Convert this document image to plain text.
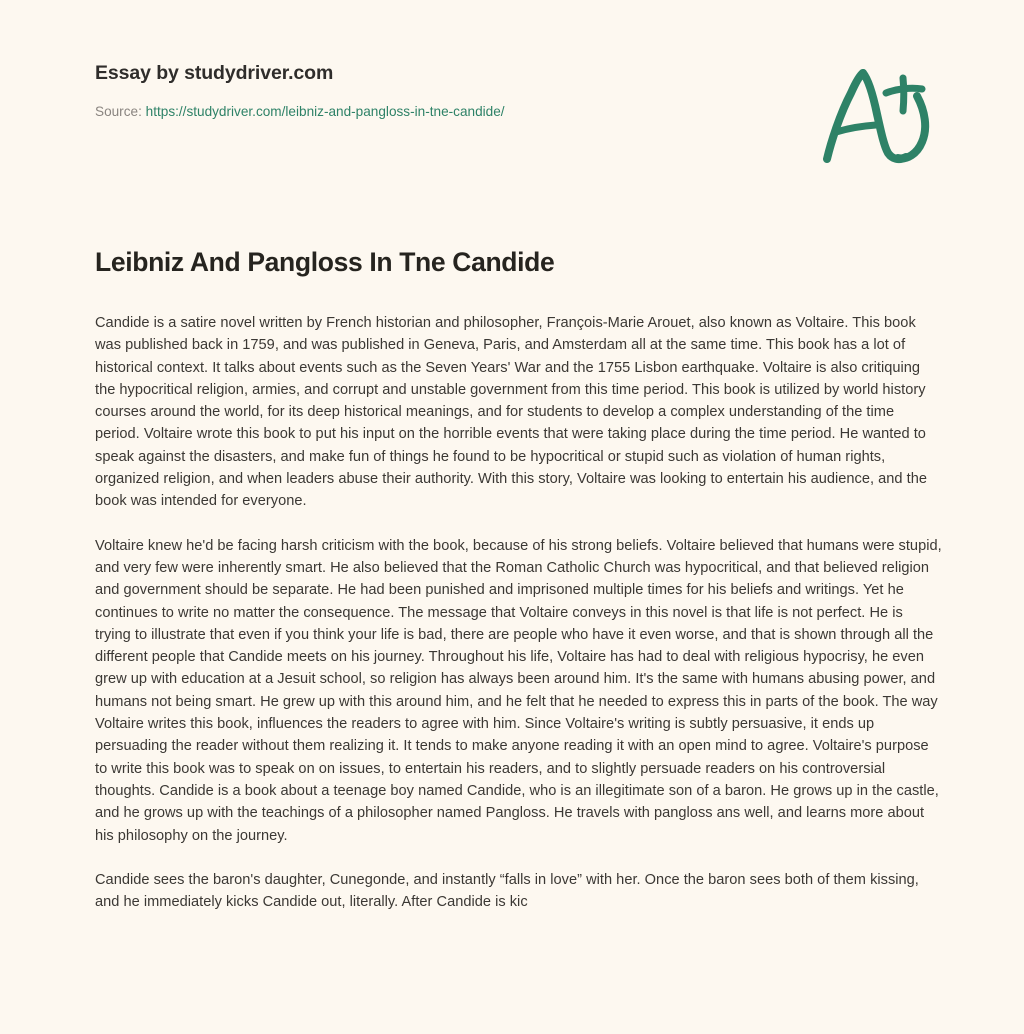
Essay by studydriver.com
Source: https://studydriver.com/leibniz-and-pangloss-in-tne-candide/
Leibniz And Pangloss In Tne Candide

Candide is a satire novel written by French historian and philosopher, François-Marie Arouet, also known as Voltaire. This book was published back in 1759, and was published in Geneva, Paris, and Amsterdam all at the same time. This book has a lot of historical context. It talks about events such as the Seven Years' War and the 1755 Lisbon earthquake. Voltaire is also critiquing the hypocritical religion, armies, and corrupt and unstable government from this time period. This book is utilized by world history courses around the world, for its deep historical meanings, and for students to develop a complex understanding of the time period. Voltaire wrote this book to put his input on the horrible events that were taking place during the time period. He wanted to speak against the disasters, and make fun of things he found to be hypocritical or stupid such as violation of human rights, organized religion, and when leaders abuse their authority. With this story, Voltaire was looking to entertain his audience, and the book was intended for everyone.

Voltaire knew he'd be facing harsh criticism with the book, because of his strong beliefs. Voltaire believed that humans were stupid, and very few were inherently smart. He also believed that the Roman Catholic Church was hypocritical, and that believed religion and government should be separate. He had been punished and imprisoned multiple times for his beliefs and writings. Yet he continues to write no matter the consequence. The message that Voltaire conveys in this novel is that life is not perfect. He is trying to illustrate that even if you think your life is bad, there are people who have it even worse, and that is shown through all the different people that Candide meets on his journey. Throughout his life, Voltaire has had to deal with religious hypocrisy, he even grew up with education at a Jesuit school, so religion has always been around him. It's the same with humans abusing power, and humans not being smart. He grew up with this around him, and he felt that he needed to express this in parts of the book. The way Voltaire writes this book, influences the readers to agree with him. Since Voltaire's writing is subtly persuasive, it ends up persuading the reader without them realizing it. It tends to make anyone reading it with an open mind to agree. Voltaire's purpose to write this book was to speak on on issues, to entertain his readers, and to slightly persuade readers on his controversial thoughts. Candide is a book about a teenage boy named Candide, who is an illegitimate son of a baron. He grows up in the castle, and he grows up with the teachings of a philosopher named Pangloss. He travels with pangloss ans well, and learns more about his philosophy on the journey.

Candide sees the baron's daughter, Cunegonde, and instantly “falls in love” with her. Once the baron sees both of them kissing, and he immediately kicks Candide out, literally. After Candide is kic
